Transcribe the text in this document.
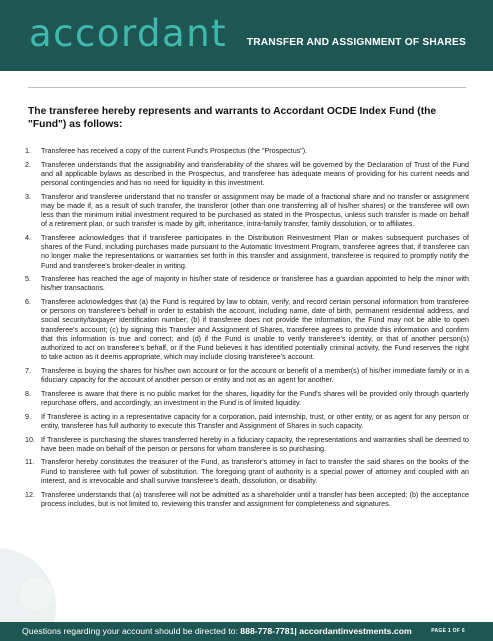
accordant TRANSFER AND ASSIGNMENT OF SHARES
The transferee hereby represents and warrants to Accordant OCDE Index Fund (the "Fund") as follows:
1. Transferee has received a copy of the current Fund's Prospectus (the "Prospectus").
2. Transferee understands that the assignability and transferability of the shares will be governed by the Declaration of Trust of the Fund and all applicable bylaws as described in the Prospectus, and transferee has adequate means of providing for his current needs and personal contingencies and has no need for liquidity in this investment.
3. Transferor and transferee understand that no transfer or assignment may be made of a fractional share and no transfer or assignment may be made if, as a result of such transfer, the transferor (other than one transferring all of his/her shares) or the transferee will own less than the minimum initial investment required to be purchased as stated in the Prospectus, unless such transfer is made on behalf of a retirement plan, or such transfer is made by gift, inheritance, intra-family transfer, family dissolution, or to affiliates.
4. Transferee acknowledges that if transferee participates in the Distribution Reinvestment Plan or makes subsequent purchases of shares of the Fund, including purchases made pursuant to the Automatic Investment Program, transferee agrees that, if transferee can no longer make the representations or warranties set forth in this transfer and assignment, transferee is required to promptly notify the Fund and transferee's broker-dealer in writing.
5. Transferee has reached the age of majority in his/her state of residence or transferee has a guardian appointed to help the minor with his/her transactions.
6. Transferee acknowledges that (a) the Fund is required by law to obtain, verify, and record certain personal information from transferee or persons on transferee's behalf in order to establish the account, including name, date of birth, permanent residential address, and social security/taxpayer identification number; (b) if transferee does not provide the information, the Fund may not be able to open transferee's account; (c) by signing this Transfer and Assignment of Shares, transferee agrees to provide this information and confirm that this information is true and correct; and (d) if the Fund is unable to verify transferee's identity, or that of another person(s) authorized to act on transferee's behalf, or if the Fund believes it has identified potentially criminal activity, the Fund reserves the right to take action as it deems appropriate, which may include closing transferee's account.
7. Transferee is buying the shares for his/her own account or for the account or benefit of a member(s) of his/her immediate family or in a fiduciary capacity for the account of another person or entity and not as an agent for another.
8. Transferee is aware that there is no public market for the shares, liquidity for the Fund's shares will be provided only through quarterly repurchase offers, and accordingly, an investment in the Fund is of limited liquidity.
9. If Transferee is acting in a representative capacity for a corporation, paid internship, trust, or other entity, or as agent for any person or entity, transferee has full authority to execute this Transfer and Assignment of Shares in such capacity.
10. If Transferee is purchasing the shares transferred hereby in a fiduciary capacity, the representations and warranties shall be deemed to have been made on behalf of the person or persons for whom transferee is so purchasing.
11. Transferor hereby constitutes the treasurer of the Fund, as transferor's attorney in fact to transfer the said shares on the books of the Fund to transferee with full power of substitution. The foregoing grant of authority is a special power of attorney and coupled with an interest, and is irrevocable and shall survive transferee's death, dissolution, or disability.
12. Transferee understands that (a) transferee will not be admitted as a shareholder until a transfer has been accepted; (b) the acceptance process includes, but is not limited to, reviewing this transfer and assignment for completeness and signatures.
Questions regarding your account should be directed to: 888-778-7781| accordantinvestments.com	PAGE 1 OF 6
